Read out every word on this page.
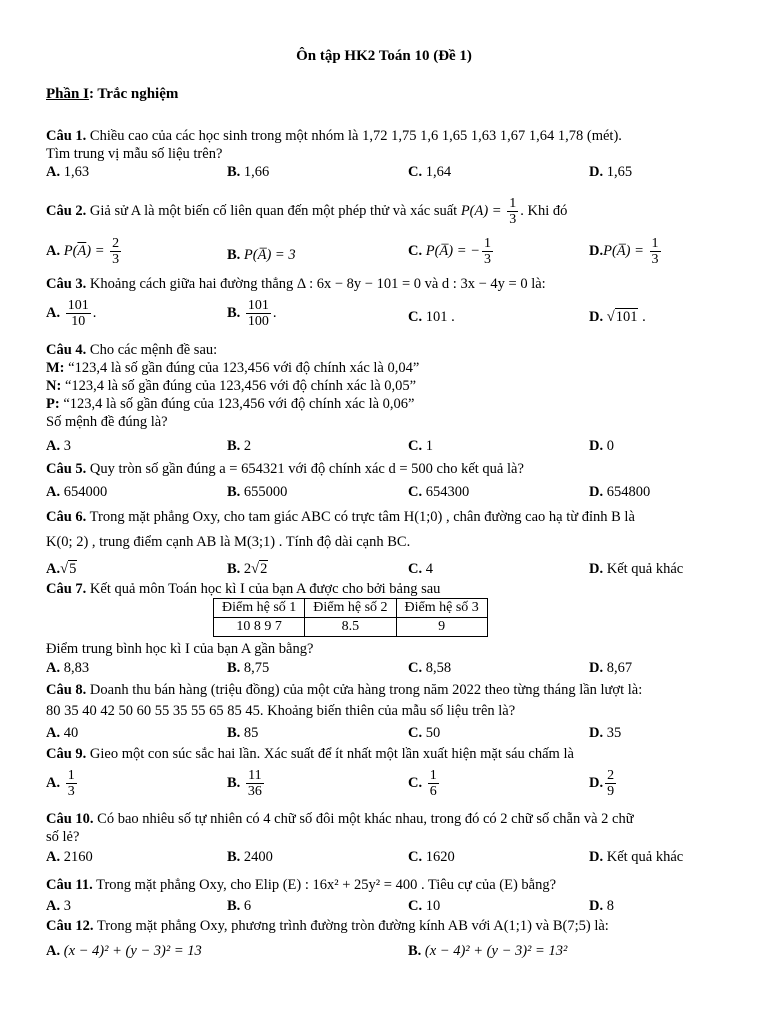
Ôn tập HK2 Toán 10 (Đề 1)
Phần I: Trắc nghiệm
Câu 1. Chiều cao của các học sinh trong một nhóm là 1,72 1,75 1,6 1,65 1,63 1,67 1,64 1,78 (mét).
Tìm trung vị mẫu số liệu trên?
A. 1,63	B. 1,66	C. 1,64	D. 1,65
Câu 2. Giả sử A là một biến cố liên quan đến một phép thử và xác suất $P(A) = \frac{1}{3}$ . Khi đó
A. $P(\overline{A}) = \frac{2}{3}$	B. P(A̅) = 3	C. P(A̅) = − $\frac{1}{3}$	D.P(A̅) = $\frac{1}{3}$
Câu 3. Khoảng cách giữa hai đường thẳng Δ : 6x − 8y − 101 = 0 và d : 3x − 4y = 0 là:
A. $\frac{101}{10}$ .	B. $\frac{101}{100}$ .	C. 101 .	D. √101 .
Câu 4. Cho các mệnh đề sau:
M: “123,4 là số gần đúng của 123,456 với độ chính xác là 0,04”
N: “123,4 là số gần đúng của 123,456 với độ chính xác là 0,05”
P: “123,4 là số gần đúng của 123,456 với độ chính xác là 0,06”
Số mệnh đề đúng là?
A. 3	B. 2	C. 1	D. 0
Câu 5. Quy tròn số gần đúng a = 654321 với độ chính xác d = 500 cho kết quả là?
A. 654000	B. 655000	C. 654300	D. 654800
Câu 6. Trong mặt phẳng Oxy, cho tam giác ABC có trực tâm H(1;0) , chân đường cao hạ từ đỉnh B là
K(0; 2) , trung điểm cạnh AB là M(3;1) . Tính độ dài cạnh BC.
A.√5	B. 2√2	C. 4	D. Kết quả khác
Câu 7. Kết quả môn Toán học kì I của bạn A được cho bởi bảng sau
Điểm hệ số 1	Điểm hệ số 2	Điểm hệ số 3
10 8 9 7	8.5	9
Điểm trung bình học kì I của bạn A gần bằng?
A. 8,83	B. 8,75	C. 8,58	D. 8,67
Câu 8. Doanh thu bán hàng (triệu đồng) của một cửa hàng trong năm 2022 theo từng tháng lần lượt là:
80 35 40 42 50 60 55 35 55 65 85 45. Khoảng biến thiên của mẫu số liệu trên là?
A. 40	B. 85	C. 50	D. 35
Câu 9. Gieo một con súc sắc hai lần. Xác suất để ít nhất một lần xuất hiện mặt sáu chấm là
A. $\frac{1}{3}$	B. $\frac{11}{36}$	C. $\frac{1}{6}$	D. $\frac{2}{9}$
Câu 10. Có bao nhiêu số tự nhiên có 4 chữ số đôi một khác nhau, trong đó có 2 chữ số chẵn và 2 chữ
số lẻ?
A. 2160	B. 2400	C. 1620	D. Kết quả khác
Câu 11. Trong mặt phẳng Oxy, cho Elip (E) : 16x² + 25y² = 400 . Tiêu cự của (E) bằng?
A. 3	B. 6	C. 10	D. 8
Câu 12. Trong mặt phẳng Oxy, phương trình đường tròn đường kính AB với A(1;1) và B(7;5) là:
A. (x − 4)² + (y − 3)² = 13	B. (x − 4)² + (y − 3)² = 13²
